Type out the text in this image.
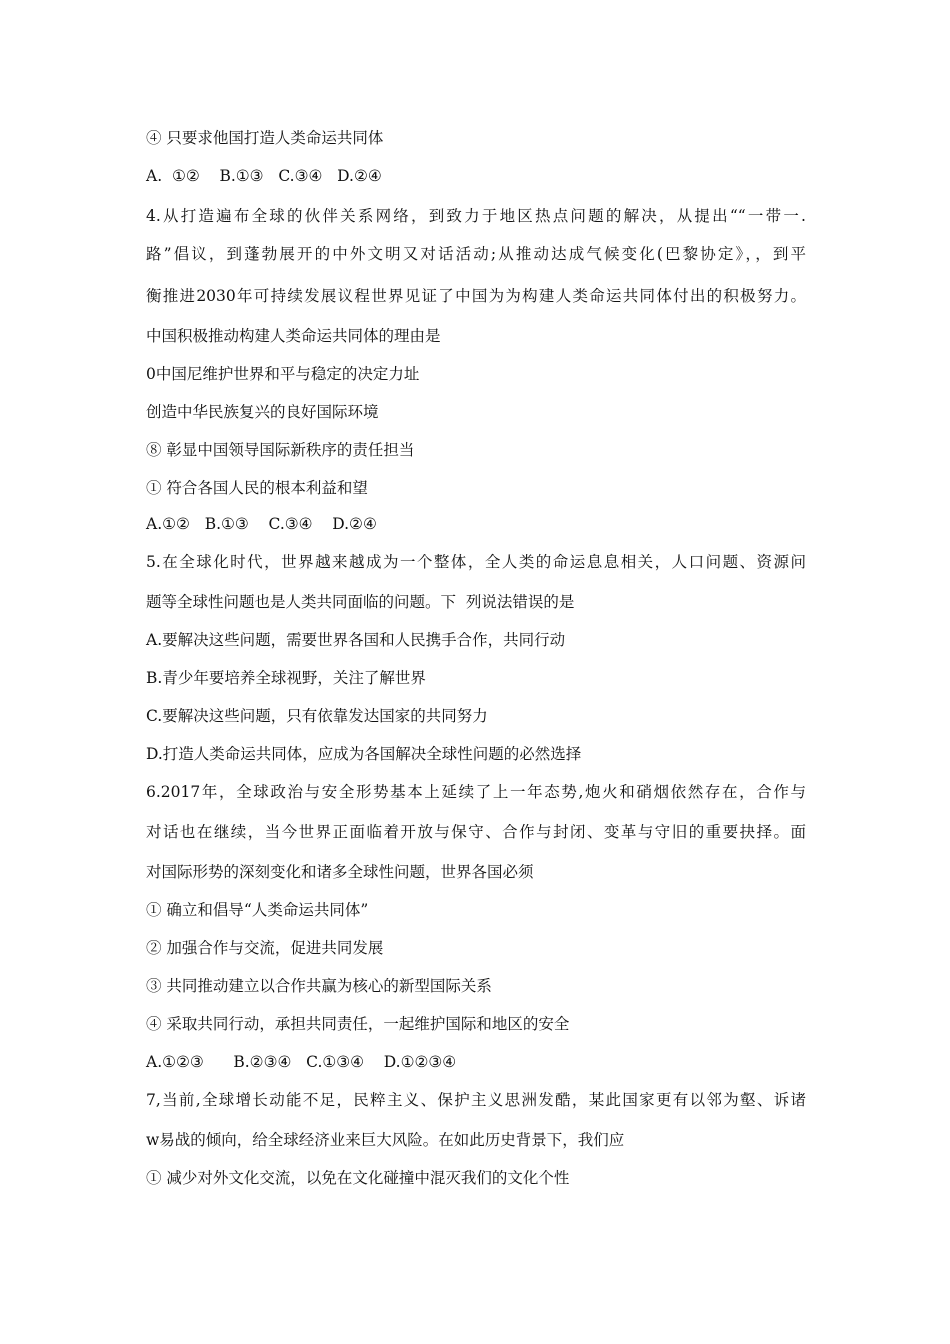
④ 只要求他国打造人类命运共同体
A.  ①②    B.①③   C.③④   D.②④
4.从打造遍布全球的伙伴关系网络，到致力于地区热点问题的解决，从提出““一带一.
路”倡议，到蓬勃展开的中外文明又对话活动;从推动达成气候变化(巴黎协定》，，到平
衡推进2030年可持续发展议程世界见证了中国为为构建人类命运共同体付出的积极努力。
中国积极推动构建人类命运共同体的理由是
0中国尼维护世界和平与稳定的决定力址
创造中华民族复兴的良好国际环境
⑧ 彰显中国领导国际新秩序的责任担当
① 符合各国人民的根本利益和望
A.①②   B.①③    C.③④    D.②④
5.在全球化时代，世界越来越成为一个整体，全人类的命运息息相关，人口问题、资源问
题等全球性问题也是人类共同面临的问题。下  列说法错误的是
A.要解决这些问题，需要世界各国和人民携手合作，共同行动
B.青少年要培养全球视野，关注了解世界
C.要解决这些问题，只有依靠发达国家的共同努力
D.打造人类命运共同体，应成为各国解决全球性问题的必然选择
6.2017年，全球政治与安全形势基本上延续了上一年态势,炮火和硝烟依然存在，合作与
对话也在继续，当今世界正面临着开放与保守、合作与封闭、变革与守旧的重要抉择。面
对国际形势的深刻变化和诸多全球性问题，世界各国必须
① 确立和倡导“人类命运共同体”
② 加强合作与交流，促进共同发展
③ 共同推动建立以合作共赢为核心的新型国际关系
④ 采取共同行动，承担共同责任，一起维护国际和地区的安全
A.①②③      B.②③④   C.①③④    D.①②③④
7,当前,全球增长动能不足，民粹主义、保护主义思洲发酷，某此国家更有以邻为壑、诉诸
w易战的倾向，给全球经济业来巨大风险。在如此历史背景下，我们应
① 减少对外文化交流，以免在文化碰撞中混灭我们的文化个性
